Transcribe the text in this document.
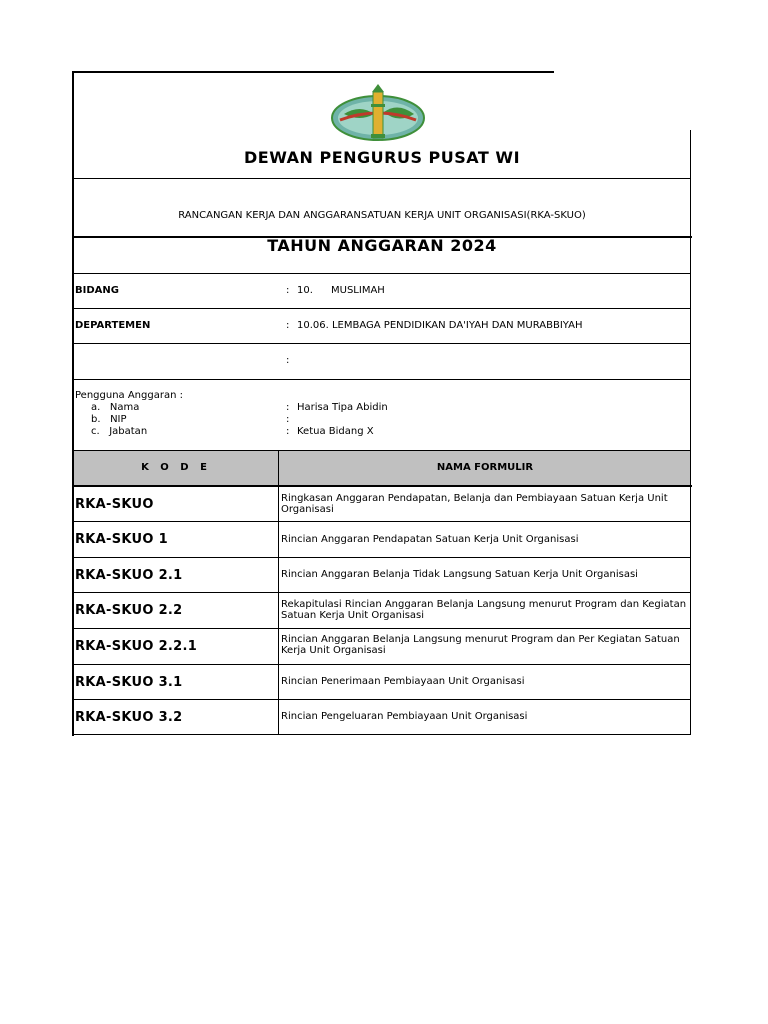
DEWAN PENGURUS PUSAT WI
RANCANGAN KERJA DAN ANGGARANSATUAN KERJA UNIT ORGANISASI(RKA-SKUO)
TAHUN ANGGARAN 2024
BIDANG	: 10. MUSLIMAH
DEPARTEMEN	: 10.06. LEMBAGA PENDIDIKAN DA'IYAH DAN MURABBIYAH
:
Pengguna Anggaran :
a.   Nama	: Harisa Tipa Abidin
b.   NIP	:
c.   Jabatan	: Ketua Bidang X
K O D E	NAMA FORMULIR
RKA-SKUO	Ringkasan Anggaran Pendapatan, Belanja dan Pembiayaan Satuan Kerja Unit Organisasi
RKA-SKUO 1	Rincian Anggaran Pendapatan Satuan Kerja Unit Organisasi
RKA-SKUO 2.1	Rincian Anggaran Belanja Tidak Langsung Satuan Kerja Unit Organisasi
RKA-SKUO 2.2	Rekapitulasi Rincian Anggaran Belanja Langsung menurut Program dan Kegiatan Satuan Kerja Unit Organisasi
RKA-SKUO 2.2.1	Rincian Anggaran Belanja Langsung menurut Program dan Per Kegiatan Satuan Kerja Unit Organisasi
RKA-SKUO 3.1	Rincian Penerimaan Pembiayaan Unit Organisasi
RKA-SKUO 3.2	Rincian Pengeluaran Pembiayaan Unit Organisasi
